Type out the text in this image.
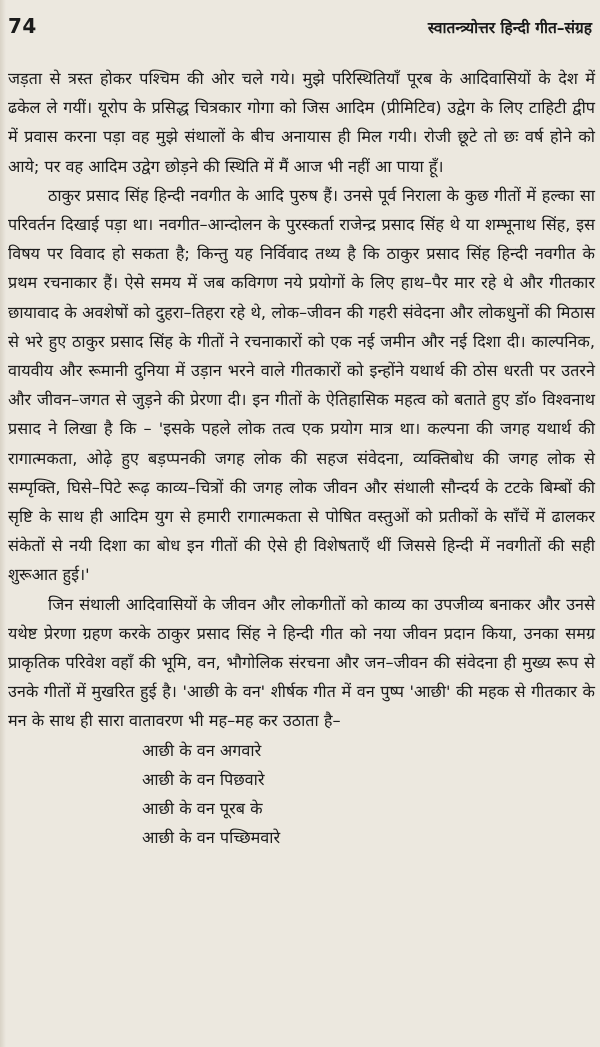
74	स्वातन्त्र्योत्तर हिन्दी गीत–संग्रह

जड़ता से त्रस्त होकर पश्चिम की ओर चले गये। मुझे परिस्थितियाँ पूरब के आदिवासियों के देश में ढकेल ले गयीं। यूरोप के प्रसिद्ध चित्रकार गोगा को जिस आदिम (प्रीमिटिव) उद्वेग के लिए टाहिटी द्वीप में प्रवास करना पड़ा वह मुझे संथालों के बीच अनायास ही मिल गयी। रोजी छूटे तो छः वर्ष होने को आये; पर वह आदिम उद्वेग छोड़ने की स्थिति में मैं आज भी नहीं आ पाया हूँ।

ठाकुर प्रसाद सिंह हिन्दी नवगीत के आदि पुरुष हैं। उनसे पूर्व निराला के कुछ गीतों में हल्का सा परिवर्तन दिखाई पड़ा था। नवगीत–आन्दोलन के पुरस्कर्ता राजेन्द्र प्रसाद सिंह थे या शम्भूनाथ सिंह, इस विषय पर विवाद हो सकता है; किन्तु यह निर्विवाद तथ्य है कि ठाकुर प्रसाद सिंह हिन्दी नवगीत के प्रथम रचनाकार हैं। ऐसे समय में जब कविगण नये प्रयोगों के लिए हाथ–पैर मार रहे थे और गीतकार छायावाद के अवशेषों को दुहरा–तिहरा रहे थे, लोक–जीवन की गहरी संवेदना और लोकधुनों की मिठास से भरे हुए ठाकुर प्रसाद सिंह के गीतों ने रचनाकारों को एक नई जमीन और नई दिशा दी। काल्पनिक, वायवीय और रूमानी दुनिया में उड़ान भरने वाले गीतकारों को इन्होंने यथार्थ की ठोस धरती पर उतरने और जीवन–जगत से जुड़ने की प्रेरणा दी। इन गीतों के ऐतिहासिक महत्व को बताते हुए डॉ० विश्वनाथ प्रसाद ने लिखा है कि – 'इसके पहले लोक तत्व एक प्रयोग मात्र था। कल्पना की जगह यथार्थ की रागात्मकता, ओढ़े हुए बड़प्पनकी जगह लोक की सहज संवेदना, व्यक्तिबोध की जगह लोक से सम्पृक्ति, घिसे–पिटे रूढ़ काव्य–चित्रों की जगह लोक जीवन और संथाली सौन्दर्य के टटके बिम्बों की सृष्टि के साथ ही आदिम युग से हमारी रागात्मकता से पोषित वस्तुओं को प्रतीकों के साँचें में ढालकर संकेतों से नयी दिशा का बोध इन गीतों की ऐसे ही विशेषताएँ थीं जिससे हिन्दी में नवगीतों की सही शुरूआत हुई।'

जिन संथाली आदिवासियों के जीवन और लोकगीतों को काव्य का उपजीव्य बनाकर और उनसे यथेष्ट प्रेरणा ग्रहण करके ठाकुर प्रसाद सिंह ने हिन्दी गीत को नया जीवन प्रदान किया, उनका समग्र प्राकृतिक परिवेश वहाँ की भूमि, वन, भौगोलिक संरचना और जन–जीवन की संवेदना ही मुख्य रूप से उनके गीतों में मुखरित हुई है। 'आछी के वन' शीर्षक गीत में वन पुष्प 'आछी' की महक से गीतकार के मन के साथ ही सारा वातावरण भी मह–मह कर उठाता है–

आछी के वन अगवारे
आछी के वन पिछवारे
आछी के वन पूरब के
आछी के वन पच्छिमवारे
